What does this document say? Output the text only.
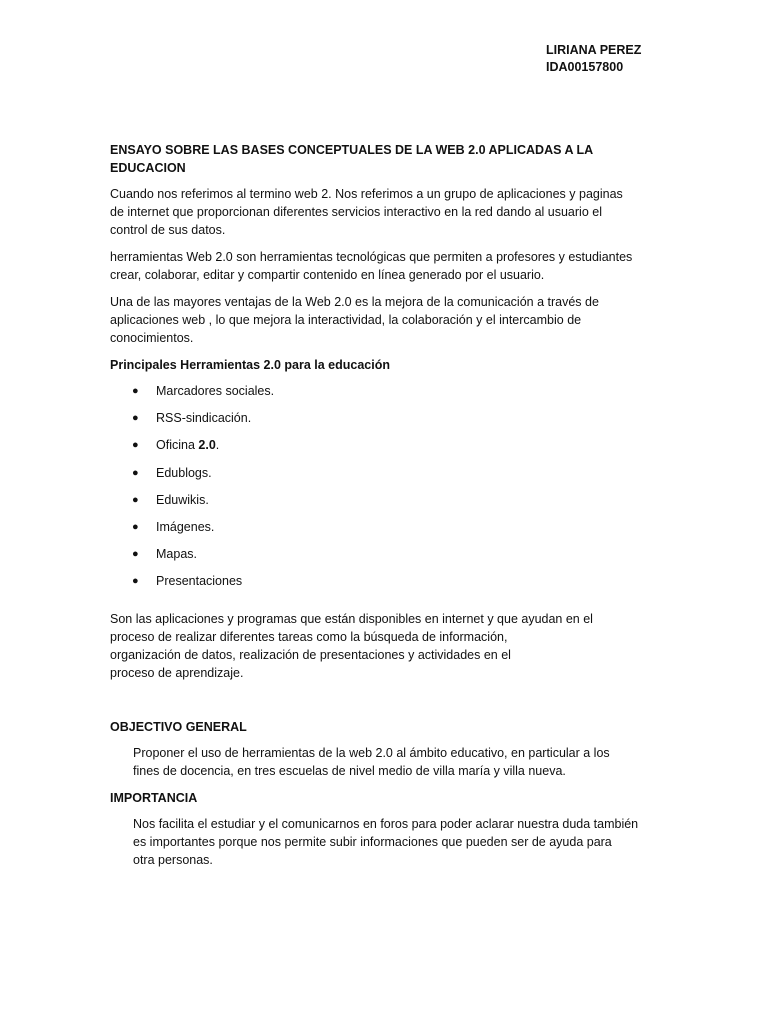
LIRIANA PEREZ
IDA00157800
ENSAYO SOBRE LAS BASES CONCEPTUALES DE LA WEB 2.0 APLICADAS A LA EDUCACION
Cuando nos referimos al termino web 2. Nos referimos a un grupo de aplicaciones y paginas
de internet que proporcionan diferentes servicios interactivo en la red dando al usuario el
control de sus datos.
herramientas Web 2.0 son herramientas tecnológicas que permiten a profesores y estudiantes
crear, colaborar, editar y compartir contenido en línea generado por el usuario.
Una de las mayores ventajas de la Web 2.0 es la mejora de la comunicación a través de
aplicaciones web , lo que mejora la interactividad, la colaboración y el intercambio de
conocimientos.
Principales Herramientas 2.0 para la educación
● Marcadores sociales.
● RSS-sindicación.
● Oficina 2.0.
● Edublogs.
● Eduwikis.
● Imágenes.
● Mapas.
● Presentaciones
Son las aplicaciones y programas que están disponibles en internet y que ayudan en el
proceso de realizar diferentes tareas como la búsqueda de información,
organización de datos, realización de presentaciones y actividades en el
proceso de aprendizaje.
OBJECTIVO GENERAL
Proponer el uso de herramientas de la web 2.0 al ámbito educativo, en particular a los
fines de docencia, en tres escuelas de nivel medio de villa maría y villa nueva.
IMPORTANCIA
Nos facilita el estudiar y el comunicarnos en foros para poder aclarar nuestra duda también
es importantes porque nos permite subir informaciones que pueden ser de ayuda para
otra personas.
